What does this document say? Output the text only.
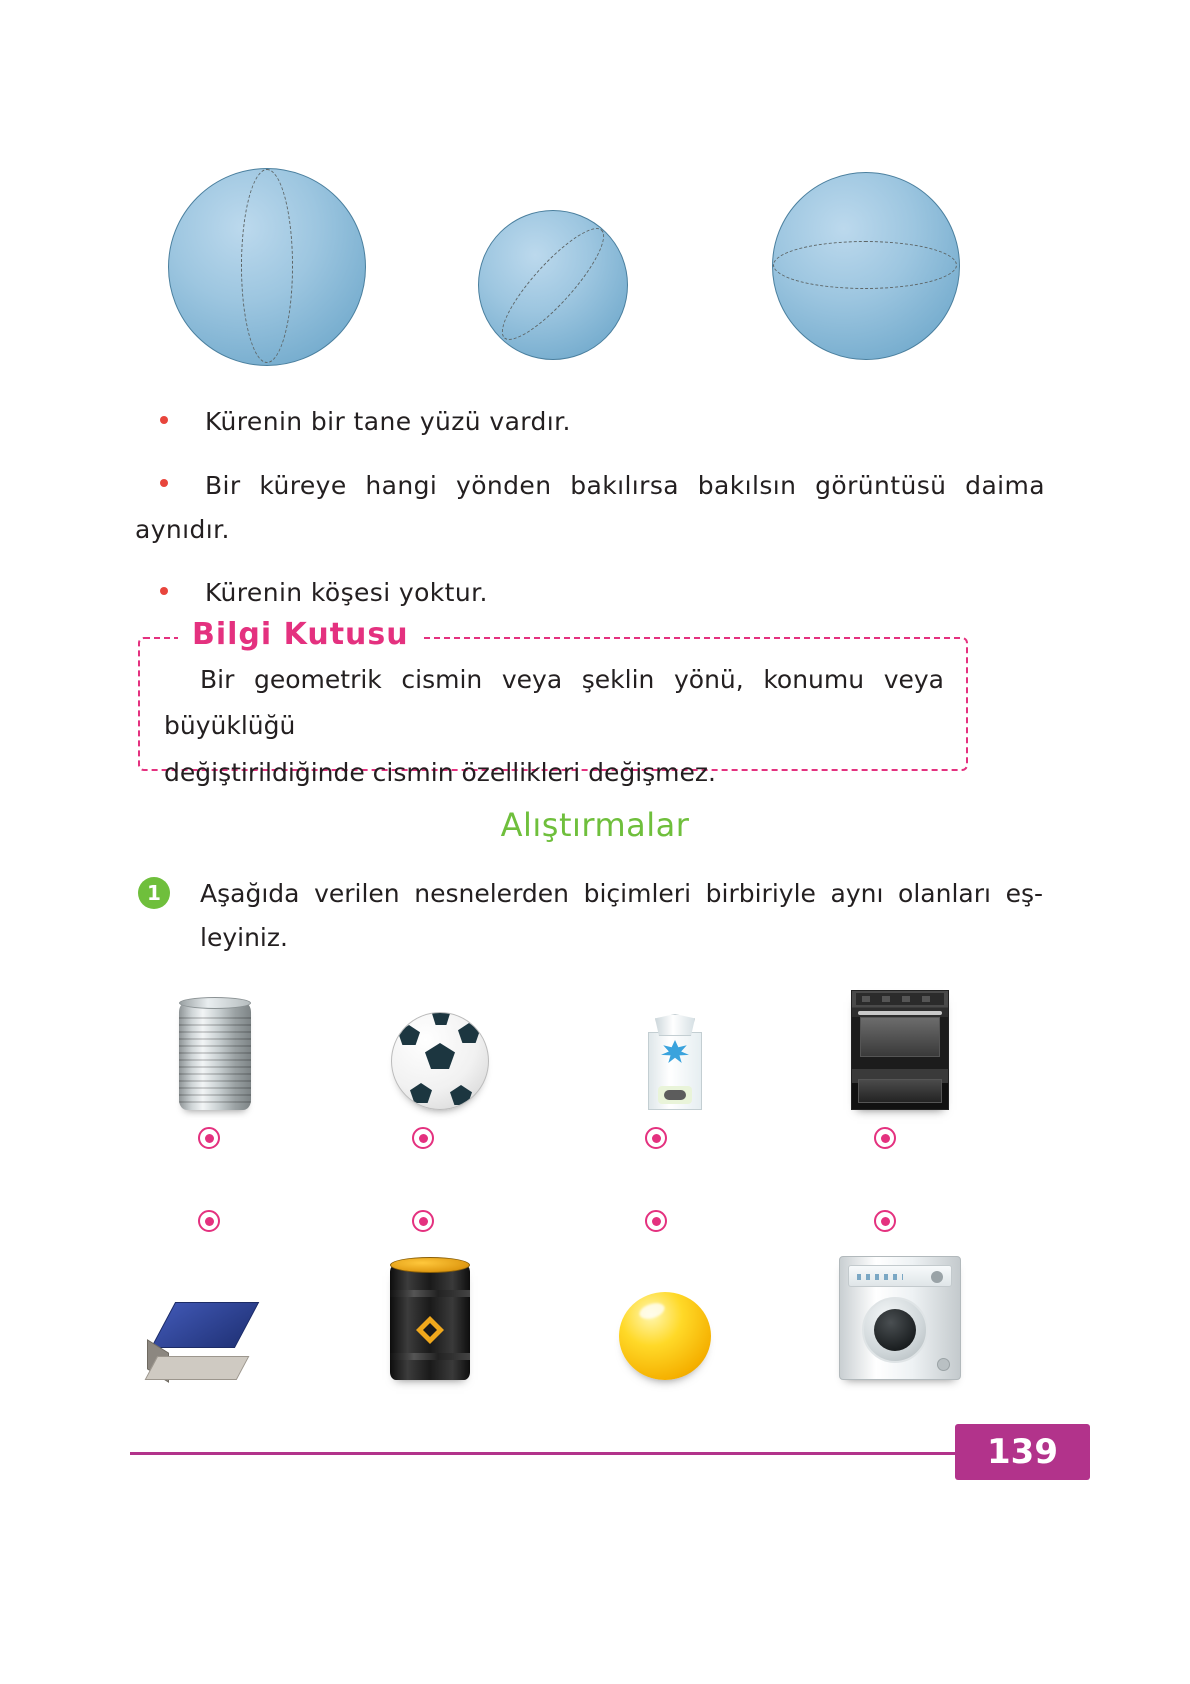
Kürenin bir tane yüzü vardır.
Bir küreye hangi yönden bakılırsa bakılsın görüntüsü daima
aynıdır.
Kürenin köşesi yoktur.
Bilgi Kutusu
Bir geometrik cismin veya şeklin yönü, konumu veya büyüklüğü
değiştirildiğinde cismin özellikleri değişmez.
Alıştırmalar
1	Aşağıda verilen nesnelerden biçimleri birbiriyle aynı olanları eş-
leyiniz.
139
